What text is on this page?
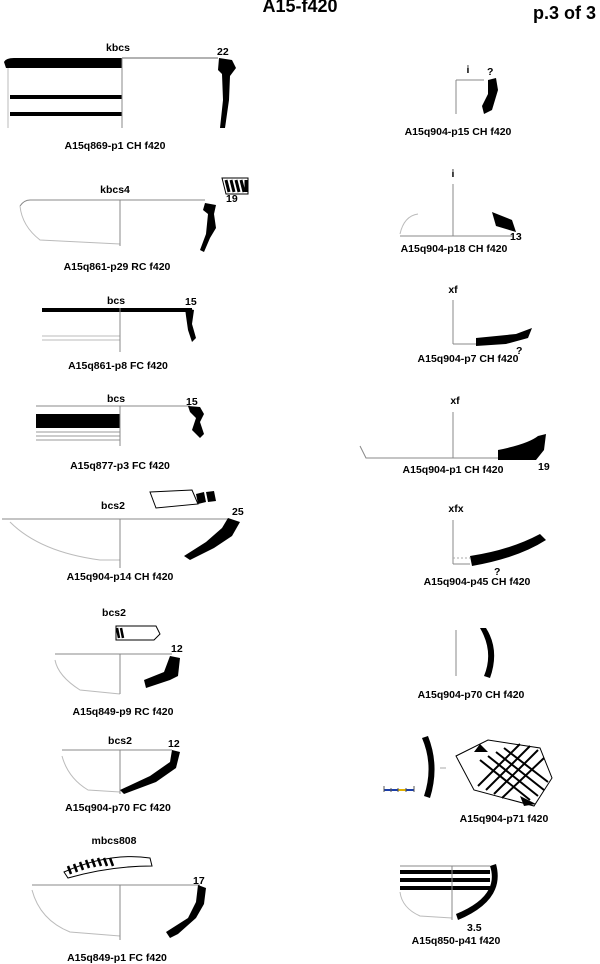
A15-f420	p.3 of 3
kbcs	22
A15q869-p1 CH f420
kbcs4
19
A15q861-p29 RC f420
bcs	15
A15q861-p8 FC f420
bcs	15
A15q877-p3 FC f420
bcs2	25
A15q904-p14 CH f420
bcs2
12
A15q849-p9 RC f420
bcs2	12
A15q904-p70 FC f420
mbcs808
17
A15q849-p1 FC f420
i ?
A15q904-p15 CH f420
i
13
A15q904-p18 CH f420
xf
?
A15q904-p7 CH f420
xf
19
A15q904-p1 CH f420
xfx
?
A15q904-p45 CH f420
A15q904-p70 CH f420
A15q904-p71 f420
3.5
A15q850-p41 f420
